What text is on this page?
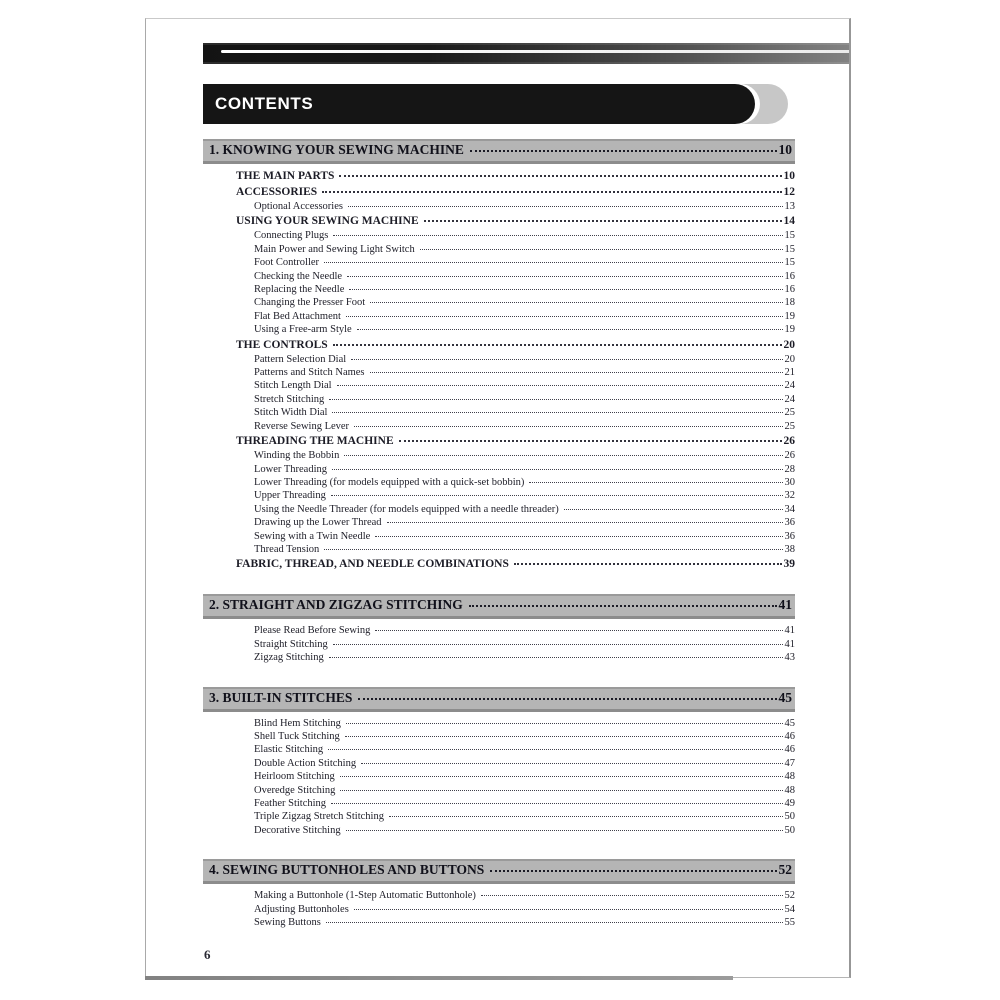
CONTENTS
1. KNOWING YOUR SEWING MACHINE	10
THE MAIN PARTS	10
ACCESSORIES	12
Optional Accessories	13
USING YOUR SEWING MACHINE	14
Connecting Plugs	15
Main Power and Sewing Light Switch	15
Foot Controller	15
Checking the Needle	16
Replacing the Needle	16
Changing the Presser Foot	18
Flat Bed Attachment	19
Using a Free-arm Style	19
THE CONTROLS	20
Pattern Selection Dial	20
Patterns and Stitch Names	21
Stitch Length Dial	24
Stretch Stitching	24
Stitch Width Dial	25
Reverse Sewing Lever	25
THREADING THE MACHINE	26
Winding the Bobbin	26
Lower Threading	28
Lower Threading (for models equipped with a quick-set bobbin)	30
Upper Threading	32
Using the Needle Threader (for models equipped with a needle threader)	34
Drawing up the Lower Thread	36
Sewing with a Twin Needle	36
Thread Tension	38
FABRIC, THREAD, AND NEEDLE COMBINATIONS	39
2. STRAIGHT AND ZIGZAG STITCHING	41
Please Read Before Sewing	41
Straight Stitching	41
Zigzag Stitching	43
3. BUILT-IN STITCHES	45
Blind Hem Stitching	45
Shell Tuck Stitching	46
Elastic Stitching	46
Double Action Stitching	47
Heirloom Stitching	48
Overedge Stitching	48
Feather Stitching	49
Triple Zigzag Stretch Stitching	50
Decorative Stitching	50
4. SEWING BUTTONHOLES AND BUTTONS	52
Making a Buttonhole (1-Step Automatic Buttonhole)	52
Adjusting Buttonholes	54
Sewing Buttons	55
6
